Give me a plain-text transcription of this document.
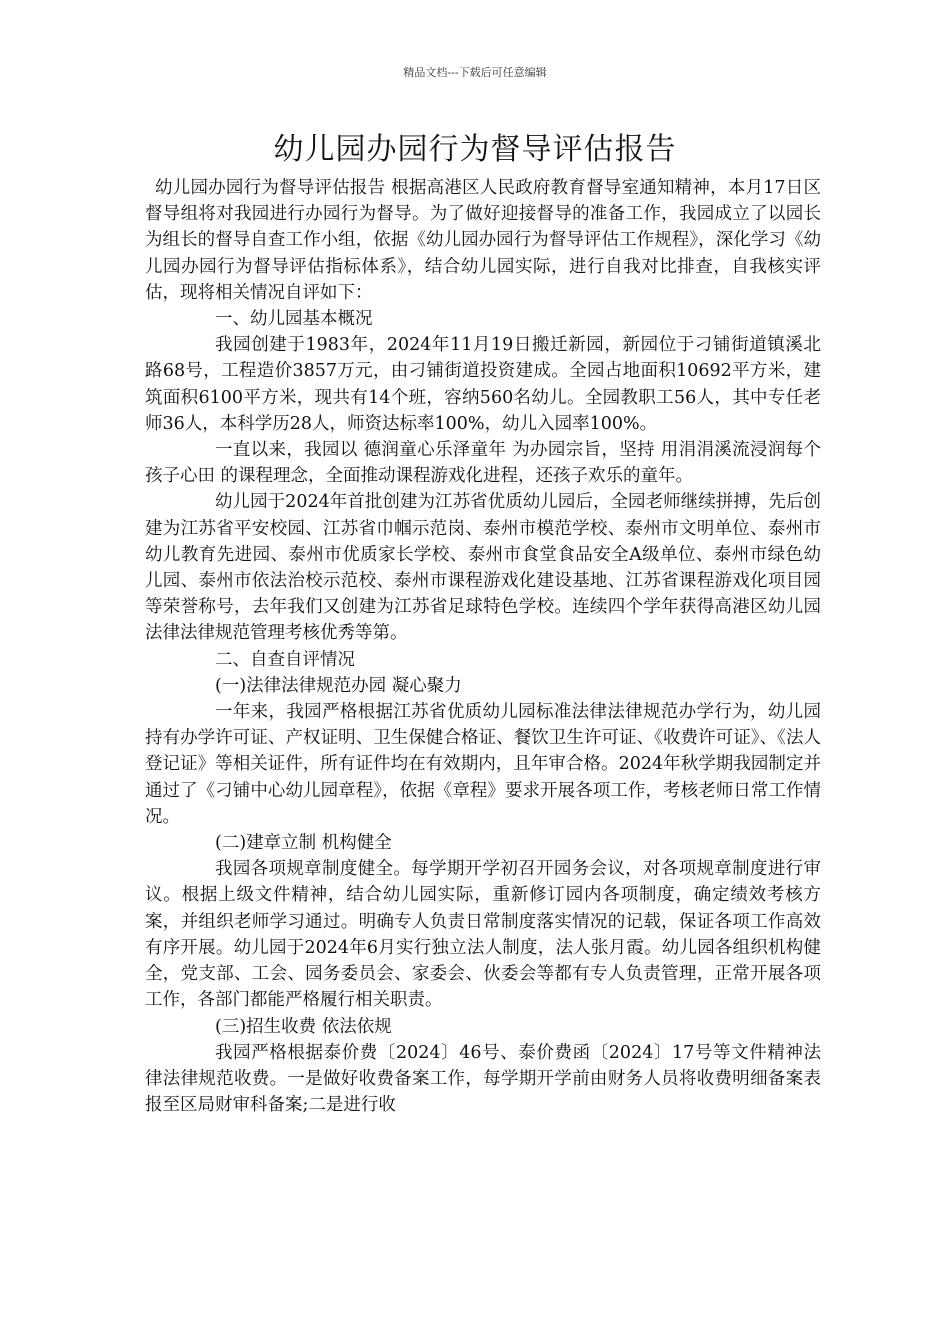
精品文档---下载后可任意编辑
幼儿园办园行为督导评估报告

幼儿园办园行为督导评估报告 根据高港区人民政府教育督导室通知精神，本月17日区督导组将对我园进行办园行为督导。为了做好迎接督导的准备工作，我园成立了以园长为组长的督导自查工作小组，依据《幼儿园办园行为督导评估工作规程》，深化学习《幼儿园办园行为督导评估指标体系》，结合幼儿园实际，进行自我对比排查，自我核实评估，现将相关情况自评如下：

一、幼儿园基本概况

我园创建于1983年，2024年11月19日搬迁新园，新园位于刁铺街道镇溪北路68号，工程造价3857万元，由刁铺街道投资建成。全园占地面积10692平方米，建筑面积6100平方米，现共有14个班，容纳560名幼儿。全园教职工56人，其中专任老师36人，本科学历28人，师资达标率100%，幼儿入园率100%。

一直以来，我园以 德润童心乐泽童年 为办园宗旨，坚持 用涓涓溪流浸润每个孩子心田 的课程理念，全面推动课程游戏化进程，还孩子欢乐的童年。

幼儿园于2024年首批创建为江苏省优质幼儿园后，全园老师继续拼搏，先后创建为江苏省平安校园、江苏省巾帼示范岗、泰州市模范学校、泰州市文明单位、泰州市幼儿教育先进园、泰州市优质家长学校、泰州市食堂食品安全A级单位、泰州市绿色幼儿园、泰州市依法治校示范校、泰州市课程游戏化建设基地、江苏省课程游戏化项目园等荣誉称号，去年我们又创建为江苏省足球特色学校。连续四个学年获得高港区幼儿园法律法律规范管理考核优秀等第。

二、自查自评情况

(一)法律法律规范办园 凝心聚力

一年来，我园严格根据江苏省优质幼儿园标准法律法律规范办学行为，幼儿园持有办学许可证、产权证明、卫生保健合格证、餐饮卫生许可证、《收费许可证》、《法人登记证》等相关证件，所有证件均在有效期内，且年审合格。2024年秋学期我园制定并通过了《刁铺中心幼儿园章程》，依据《章程》要求开展各项工作，考核老师日常工作情况。

(二)建章立制 机构健全

我园各项规章制度健全。每学期开学初召开园务会议，对各项规章制度进行审议。根据上级文件精神，结合幼儿园实际，重新修订园内各项制度，确定绩效考核方案，并组织老师学习通过。明确专人负责日常制度落实情况的记载，保证各项工作高效有序开展。幼儿园于2024年6月实行独立法人制度，法人张月霞。幼儿园各组织机构健全，党支部、工会、园务委员会、家委会、伙委会等都有专人负责管理，正常开展各项工作，各部门都能严格履行相关职责。

(三)招生收费 依法依规

我园严格根据泰价费〔2024〕46号、泰价费函〔2024〕17号等文件精神法律法律规范收费。一是做好收费备案工作，每学期开学前由财务人员将收费明细备案表报至区局财审科备案;二是进行收
